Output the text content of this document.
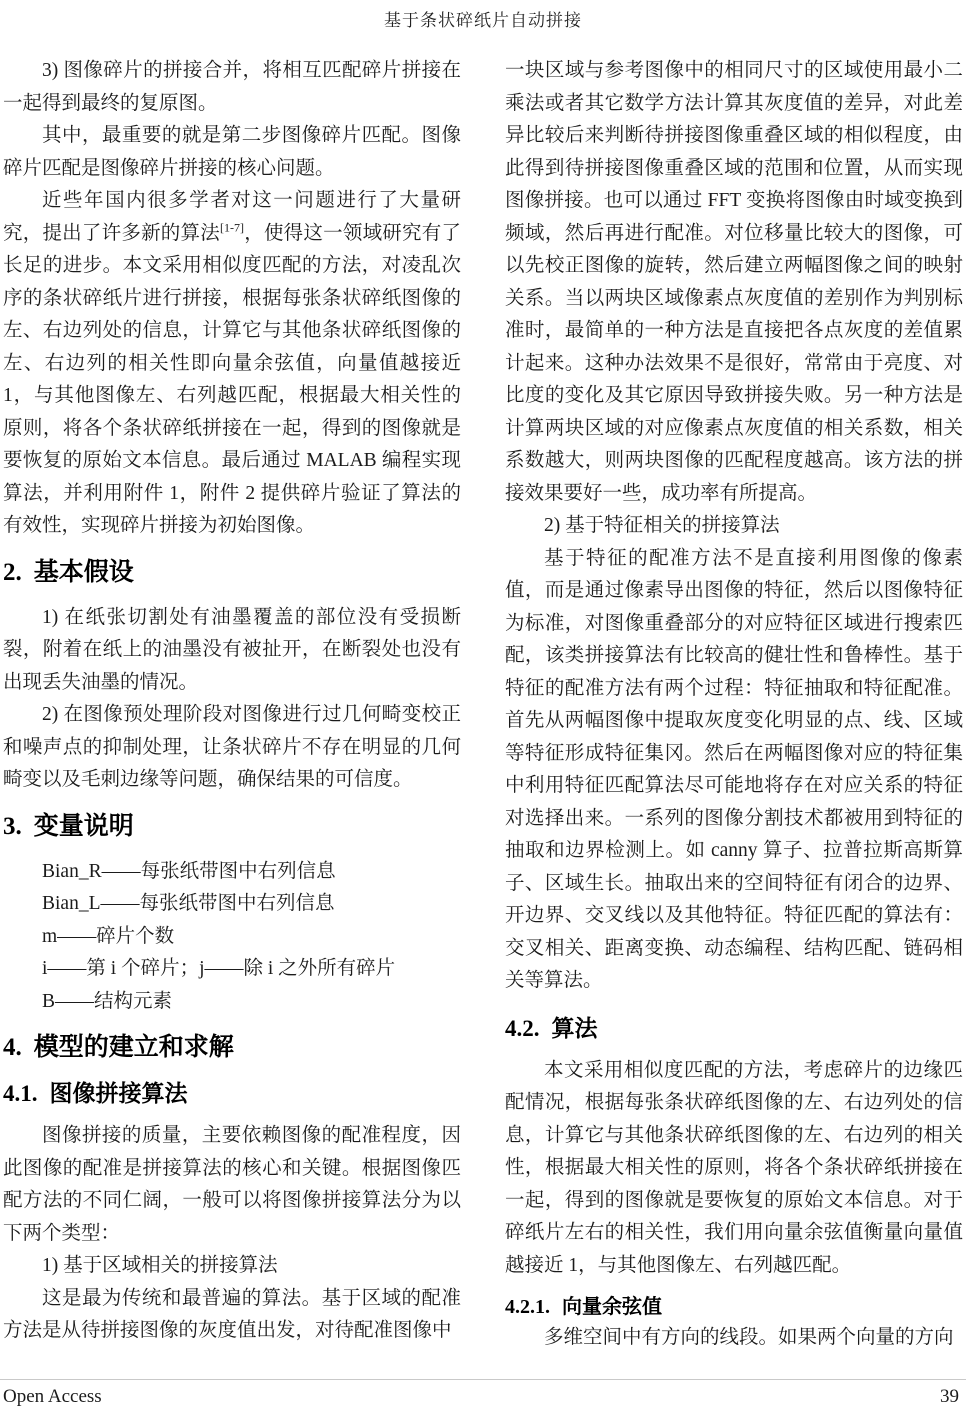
基于条状碎纸片自动拼接

3) 图像碎片的拼接合并，将相互匹配碎片拼接在一起得到最终的复原图。

其中，最重要的就是第二步图像碎片匹配。图像碎片匹配是图像碎片拼接的核心问题。

近些年国内很多学者对这一问题进行了大量研究，提出了许多新的算法[1-7]，使得这一领域研究有了长足的进步。本文采用相似度匹配的方法，对凌乱次序的条状碎纸片进行拼接，根据每张条状碎纸图像的左、右边列处的信息，计算它与其他条状碎纸图像的左、右边列的相关性即向量余弦值，向量值越接近 1，与其他图像左、右列越匹配，根据最大相关性的原则，将各个条状碎纸拼接在一起，得到的图像就是要恢复的原始文本信息。最后通过 MALAB 编程实现算法，并利用附件 1，附件 2 提供碎片验证了算法的有效性，实现碎片拼接为初始图像。

2. 基本假设

1) 在纸张切割处有油墨覆盖的部位没有受损断裂，附着在纸上的油墨没有被扯开，在断裂处也没有出现丢失油墨的情况。

2) 在图像预处理阶段对图像进行过几何畸变校正和噪声点的抑制处理，让条状碎片不存在明显的几何畸变以及毛刺边缘等问题，确保结果的可信度。

3. 变量说明

Bian_R——每张纸带图中右列信息

Bian_L——每张纸带图中右列信息

m——碎片个数

i——第 i 个碎片；j——除 i 之外所有碎片

B——结构元素

4. 模型的建立和求解
4.1. 图像拼接算法

图像拼接的质量，主要依赖图像的配准程度，因此图像的配准是拼接算法的核心和关键。根据图像匹配方法的不同仁阔，一般可以将图像拼接算法分为以下两个类型：

1) 基于区域相关的拼接算法

这是最为传统和最普遍的算法。基于区域的配准方法是从待拼接图像的灰度值出发，对待配准图像中

一块区域与参考图像中的相同尺寸的区域使用最小二乘法或者其它数学方法计算其灰度值的差异，对此差异比较后来判断待拼接图像重叠区域的相似程度，由此得到待拼接图像重叠区域的范围和位置，从而实现图像拼接。也可以通过 FFT 变换将图像由时域变换到频域，然后再进行配准。对位移量比较大的图像，可以先校正图像的旋转，然后建立两幅图像之间的映射关系。当以两块区域像素点灰度值的差别作为判别标准时，最简单的一种方法是直接把各点灰度的差值累计起来。这种办法效果不是很好，常常由于亮度、对比度的变化及其它原因导致拼接失败。另一种方法是计算两块区域的对应像素点灰度值的相关系数，相关系数越大，则两块图像的匹配程度越高。该方法的拼接效果要好一些，成功率有所提高。

2) 基于特征相关的拼接算法

基于特征的配准方法不是直接利用图像的像素值，而是通过像素导出图像的特征，然后以图像特征为标准，对图像重叠部分的对应特征区域进行搜索匹配，该类拼接算法有比较高的健壮性和鲁棒性。基于特征的配准方法有两个过程：特征抽取和特征配准。首先从两幅图像中提取灰度变化明显的点、线、区域等特征形成特征集冈。然后在两幅图像对应的特征集中利用特征匹配算法尽可能地将存在对应关系的特征对选择出来。一系列的图像分割技术都被用到特征的抽取和边界检测上。如 canny 算子、拉普拉斯高斯算子、区域生长。抽取出来的空间特征有闭合的边界、开边界、交叉线以及其他特征。特征匹配的算法有：交叉相关、距离变换、动态编程、结构匹配、链码相关等算法。

4.2. 算法

本文采用相似度匹配的方法，考虑碎片的边缘匹配情况，根据每张条状碎纸图像的左、右边列处的信息，计算它与其他条状碎纸图像的左、右边列的相关性，根据最大相关性的原则，将各个条状碎纸拼接在一起，得到的图像就是要恢复的原始文本信息。对于碎纸片左右的相关性，我们用向量余弦值衡量向量值越接近 1，与其他图像左、右列越匹配。

4.2.1. 向量余弦值

多维空间中有方向的线段。如果两个向量的方向

Open Access	39
